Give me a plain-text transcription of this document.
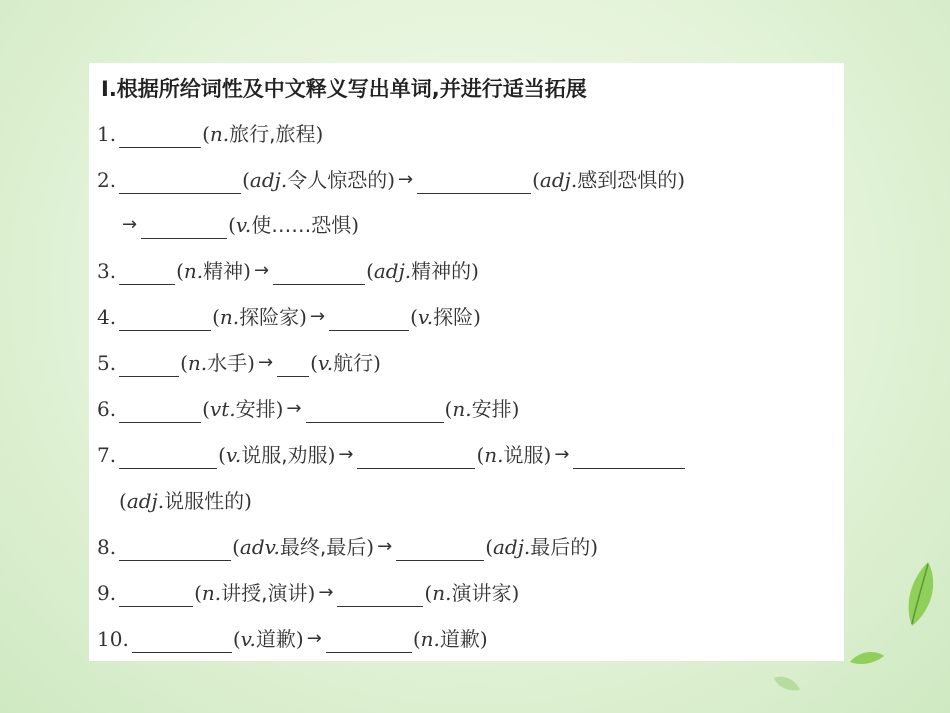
Ⅰ.根据所给词性及中文释义写出单词,并进行适当拓展
1.	(n.旅行,旅程)
2.	(adj.令人惊恐的) →	(adj.感到恐惧的)
→	(v.使……恐惧)
3.	(n.精神) →	(adj.精神的)
4.	(n.探险家) →	(v.探险)
5.	(n.水手) → (v.航行)
6.	(vt.安排) →	(n.安排)
7.	(v.说服,劝服) →	(n.说服) →
(adj.说服性的)
8.	(adv.最终,最后) →	(adj.最后的)
9.	(n.讲授,演讲) →	(n.演讲家)
10.	(v.道歉) →	(n.道歉)
